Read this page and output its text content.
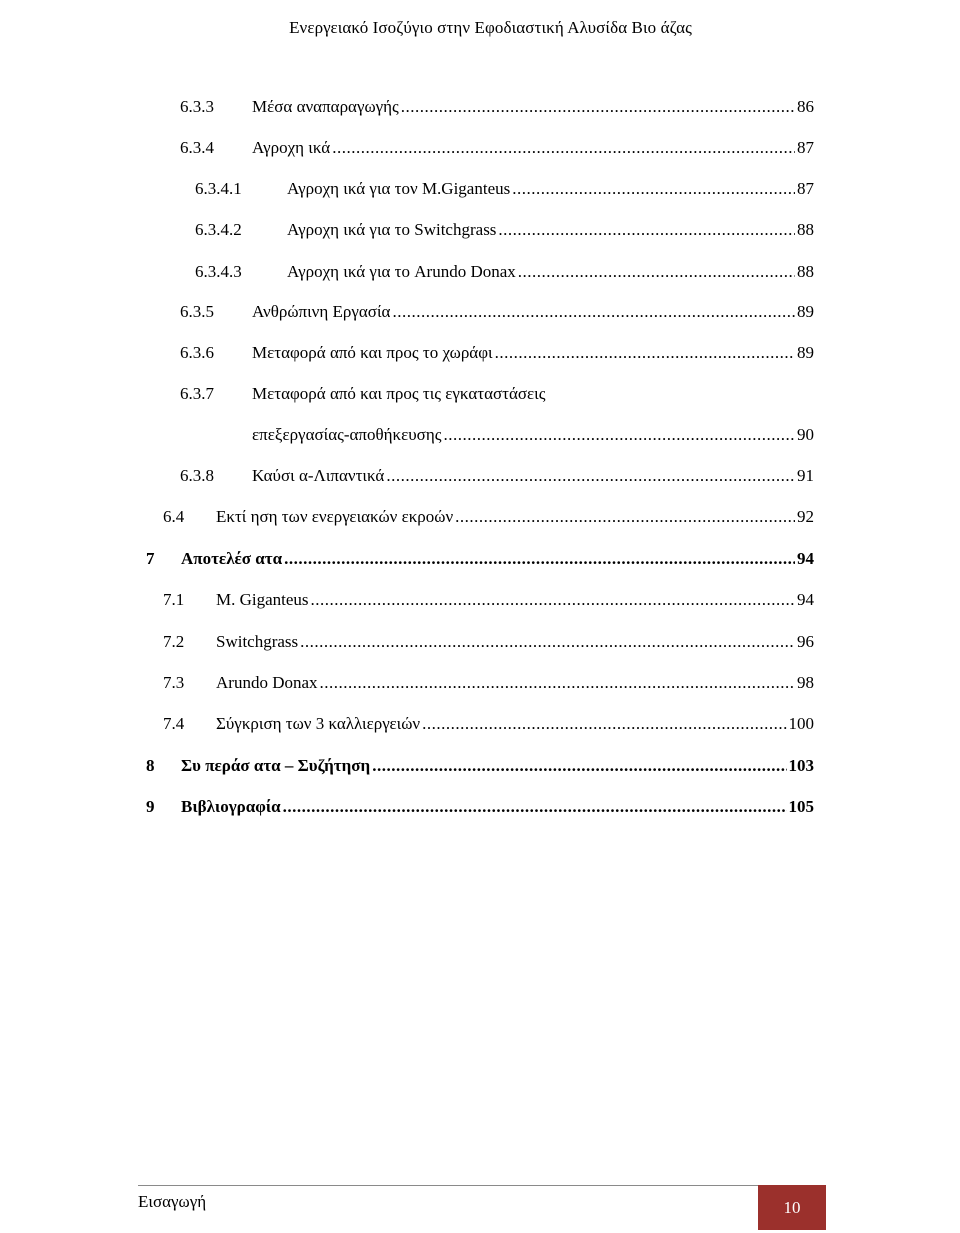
Ενεργειακό Ισοζύγιο στην Εφοδιαστική Αλυσίδα Βιο άζας
6.3.3	Μέσα αναπαραγωγής .....	86
6.3.4	Αγροχη ικά .....	87
6.3.4.1	Αγροχη ικά για τον M.Giganteus .....	87
6.3.4.2	Αγροχη ικά για το Switchgrass .....	88
6.3.4.3	Αγροχη ικά για το Arundo Donax .....	88
6.3.5	Ανθρώπινη Εργασία .....	89
6.3.6	Μεταφορά από και προς το χωράφι .....	89
6.3.7	Μεταφορά από και προς τις εγκαταστάσεις
επεξεργασίας-αποθήκευσης .....	90
6.3.8	Καύσι α-Λιπαντικά .....	91
6.4	Εκτί ηση των ενεργειακών εκροών .....	92
7	Αποτελέσ ατα .....	94
7.1	M. Giganteus .....	94
7.2	Switchgrass .....	96
7.3	Arundo Donax .....	98
7.4	Σύγκριση των 3 καλλιεργειών .....	100
8	Συ περάσ ατα – Συζήτηση .....	103
9	Βιβλιογραφία .....	105
Εισαγωγή	10
